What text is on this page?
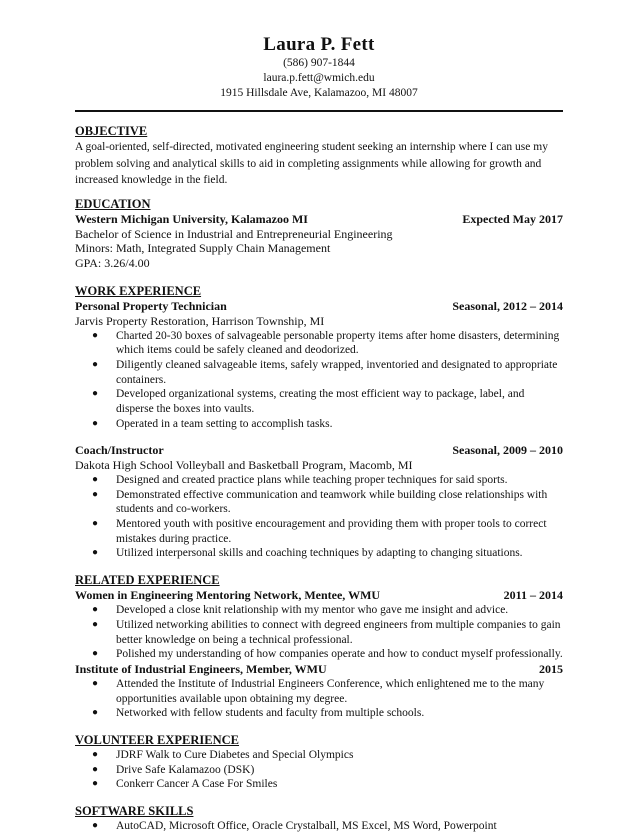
Laura P. Fett
(586) 907-1844
laura.p.fett@wmich.edu
1915 Hillsdale Ave, Kalamazoo, MI 48007
OBJECTIVE
A goal-oriented, self-directed, motivated engineering student seeking an internship where I can use my problem solving and analytical skills to aid in completing assignments while allowing for growth and increased knowledge in the field.
EDUCATION
Western Michigan University, Kalamazoo MI	Expected May 2017
Bachelor of Science in Industrial and Entrepreneurial Engineering
Minors: Math, Integrated Supply Chain Management
GPA: 3.26/4.00
WORK EXPERIENCE
Personal Property Technician	Seasonal, 2012 – 2014
Jarvis Property Restoration, Harrison Township, MI
● Charted 20-30 boxes of salvageable personable property items after home disasters, determining which items could be safely cleaned and deodorized.
● Diligently cleaned salvageable items, safely wrapped, inventoried and designated to appropriate containers.
● Developed organizational systems, creating the most efficient way to package, label, and disperse the boxes into vaults.
● Operated in a team setting to accomplish tasks.
Coach/Instructor	Seasonal, 2009 – 2010
Dakota High School Volleyball and Basketball Program, Macomb, MI
● Designed and created practice plans while teaching proper techniques for said sports.
● Demonstrated effective communication and teamwork while building close relationships with students and co-workers.
● Mentored youth with positive encouragement and providing them with proper tools to correct mistakes during practice.
● Utilized interpersonal skills and coaching techniques by adapting to changing situations.
RELATED EXPERIENCE
Women in Engineering Mentoring Network, Mentee, WMU	2011 – 2014
● Developed a close knit relationship with my mentor who gave me insight and advice.
● Utilized networking abilities to connect with degreed engineers from multiple companies to gain better knowledge on being a technical professional.
● Polished my understanding of how companies operate and how to conduct myself professionally.
Institute of Industrial Engineers, Member, WMU	2015
● Attended the Institute of Industrial Engineers Conference, which enlightened me to the many opportunities available upon obtaining my degree.
● Networked with fellow students and faculty from multiple schools.
VOLUNTEER EXPERIENCE
● JDRF Walk to Cure Diabetes and Special Olympics
● Drive Safe Kalamazoo (DSK)
● Conkerr Cancer A Case For Smiles
SOFTWARE SKILLS
● AutoCAD, Microsoft Office, Oracle Crystalball, MS Excel, MS Word, Powerpoint
